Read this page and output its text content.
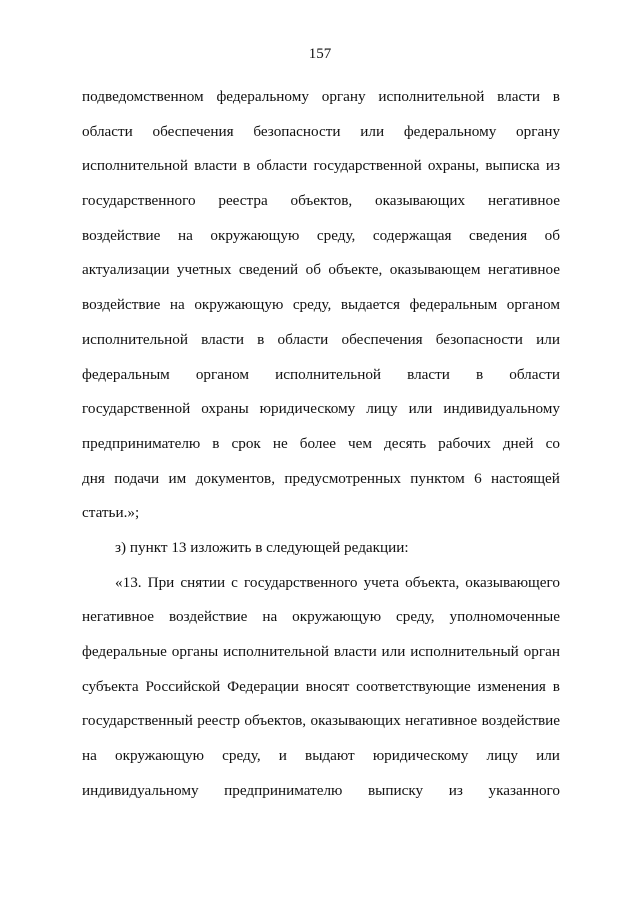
157
подведомственном федеральному органу исполнительной власти в
области обеспечения безопасности или федеральному органу
исполнительной власти в области государственной охраны, выписка из
государственного реестра объектов, оказывающих негативное
воздействие на окружающую среду, содержащая сведения об
актуализации учетных сведений об объекте, оказывающем негативное
воздействие на окружающую среду, выдается федеральным органом
исполнительной власти в области обеспечения безопасности или
федеральным органом исполнительной власти в области
государственной охраны юридическому лицу или индивидуальному
предпринимателю в срок не более чем десять рабочих дней со
дня подачи им документов, предусмотренных пунктом 6 настоящей
статьи.»;
з) пункт 13 изложить в следующей редакции:
«13. При снятии с государственного учета объекта, оказывающего
негативное воздействие на окружающую среду, уполномоченные
федеральные органы исполнительной власти или исполнительный орган
субъекта Российской Федерации вносят соответствующие изменения в
государственный реестр объектов, оказывающих негативное воздействие
на окружающую среду, и выдают юридическому лицу или
индивидуальному предпринимателю выписку из указанного
